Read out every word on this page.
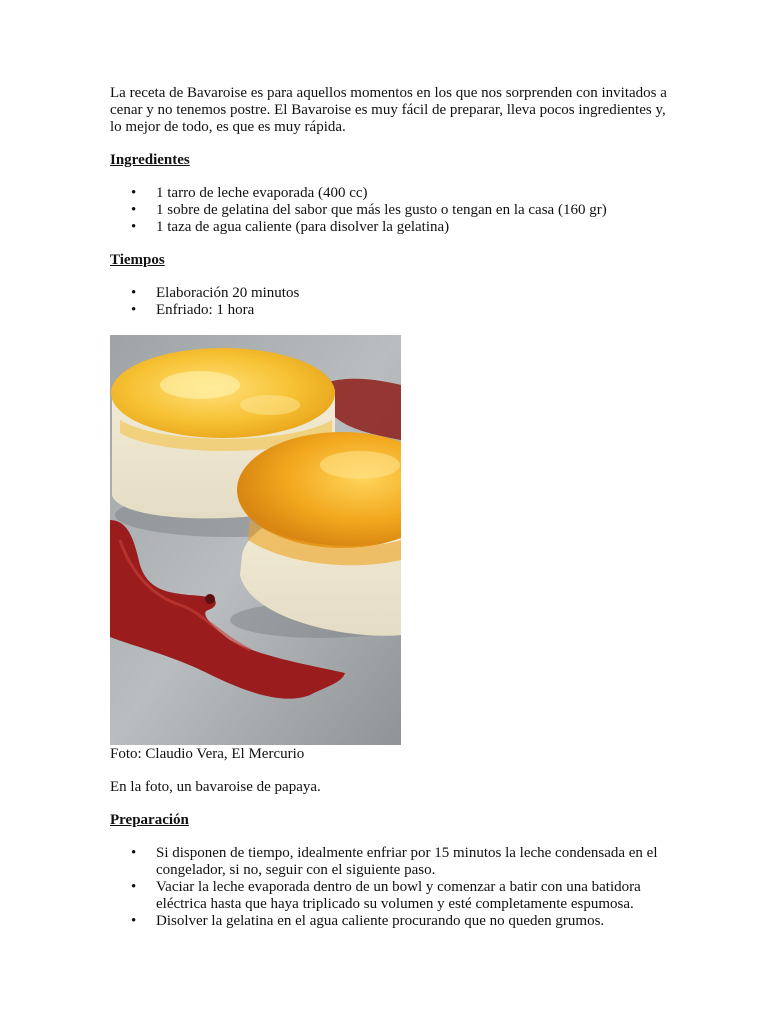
La receta de Bavaroise es para aquellos momentos en los que nos sorprenden con invitados a cenar y no tenemos postre. El Bavaroise es muy fácil de preparar, lleva pocos ingredientes y, lo mejor de todo, es que es muy rápida.

Ingredientes

• 1 tarro de leche evaporada (400 cc)
• 1 sobre de gelatina del sabor que más les gusto o tengan en la casa (160 gr)
• 1 taza de agua caliente (para disolver la gelatina)

Tiempos

• Elaboración 20 minutos
• Enfriado: 1 hora

Foto: Claudio Vera, El Mercurio

En la foto, un bavaroise de papaya.

Preparación

• Si disponen de tiempo, idealmente enfriar por 15 minutos la leche condensada en el congelador, si no, seguir con el siguiente paso.
• Vaciar la leche evaporada dentro de un bowl y comenzar a batir con una batidora eléctrica hasta que haya triplicado su volumen y esté completamente espumosa.
• Disolver la gelatina en el agua caliente procurando que no queden grumos.
